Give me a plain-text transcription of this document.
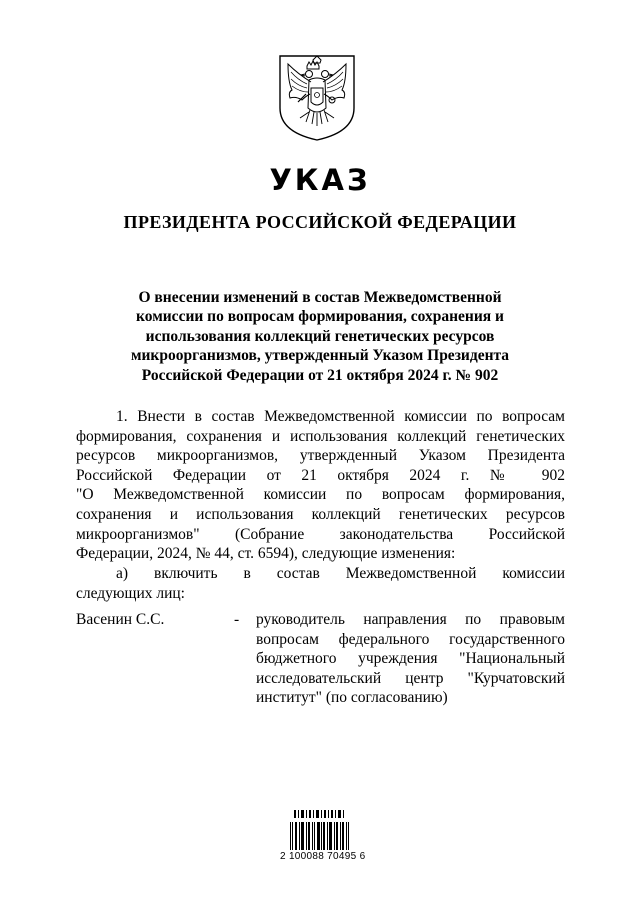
УКАЗ
ПРЕЗИДЕНТА РОССИЙСКОЙ ФЕДЕРАЦИИ
О внесении изменений в состав Межведомственной
комиссии по вопросам формирования, сохранения и
использования коллекций генетических ресурсов
микроорганизмов, утвержденный Указом Президента
Российской Федерации от 21 октября 2024 г. № 902
1. Внести в состав Межведомственной комиссии по вопросам
формирования, сохранения и использования коллекций генетических
ресурсов микроорганизмов, утвержденный Указом Президента
Российской Федерации от 21 октября 2024 г. № 902
"О Межведомственной комиссии по вопросам формирования,
сохранения и использования коллекций генетических ресурсов
микроорганизмов" (Собрание законодательства Российской
Федерации, 2024, № 44, ст. 6594), следующие изменения:
а) включить в состав Межведомственной комиссии
следующих лиц:
Васенин С.С.	- руководитель направления по правовым
вопросам федерального государственного
бюджетного учреждения "Национальный
исследовательский центр "Курчатовский
институт" (по согласованию)
2 100088 70495 6
